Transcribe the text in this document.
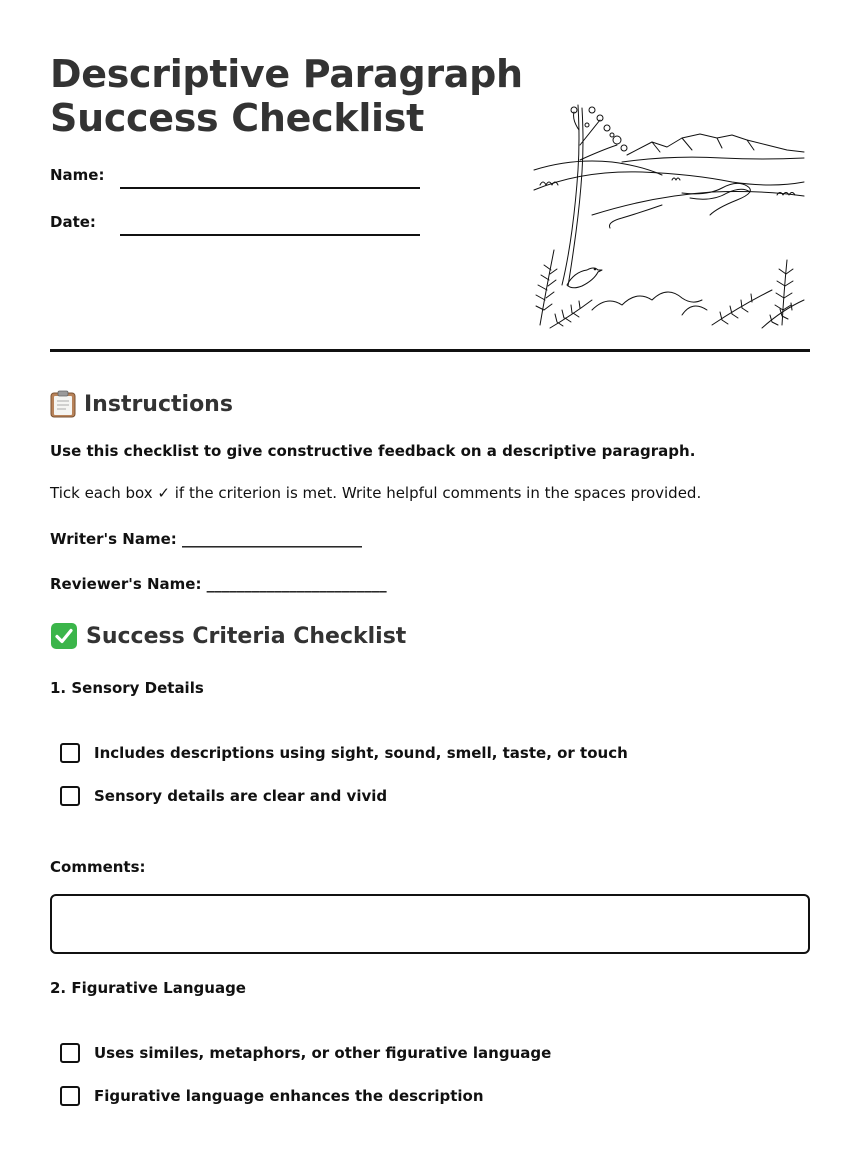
Descriptive Paragraph
Success Checklist
Name:
Date:
Instructions

Use this checklist to give constructive feedback on a descriptive paragraph.

Tick each box ✓ if the criterion is met. Write helpful comments in the spaces provided.

Writer's Name: ________________________

Reviewer's Name: ________________________

Success Criteria Checklist

1. Sensory Details

Includes descriptions using sight, sound, smell, taste, or touch
Sensory details are clear and vivid

Comments:

2. Figurative Language

Uses similes, metaphors, or other figurative language
Figurative language enhances the description
